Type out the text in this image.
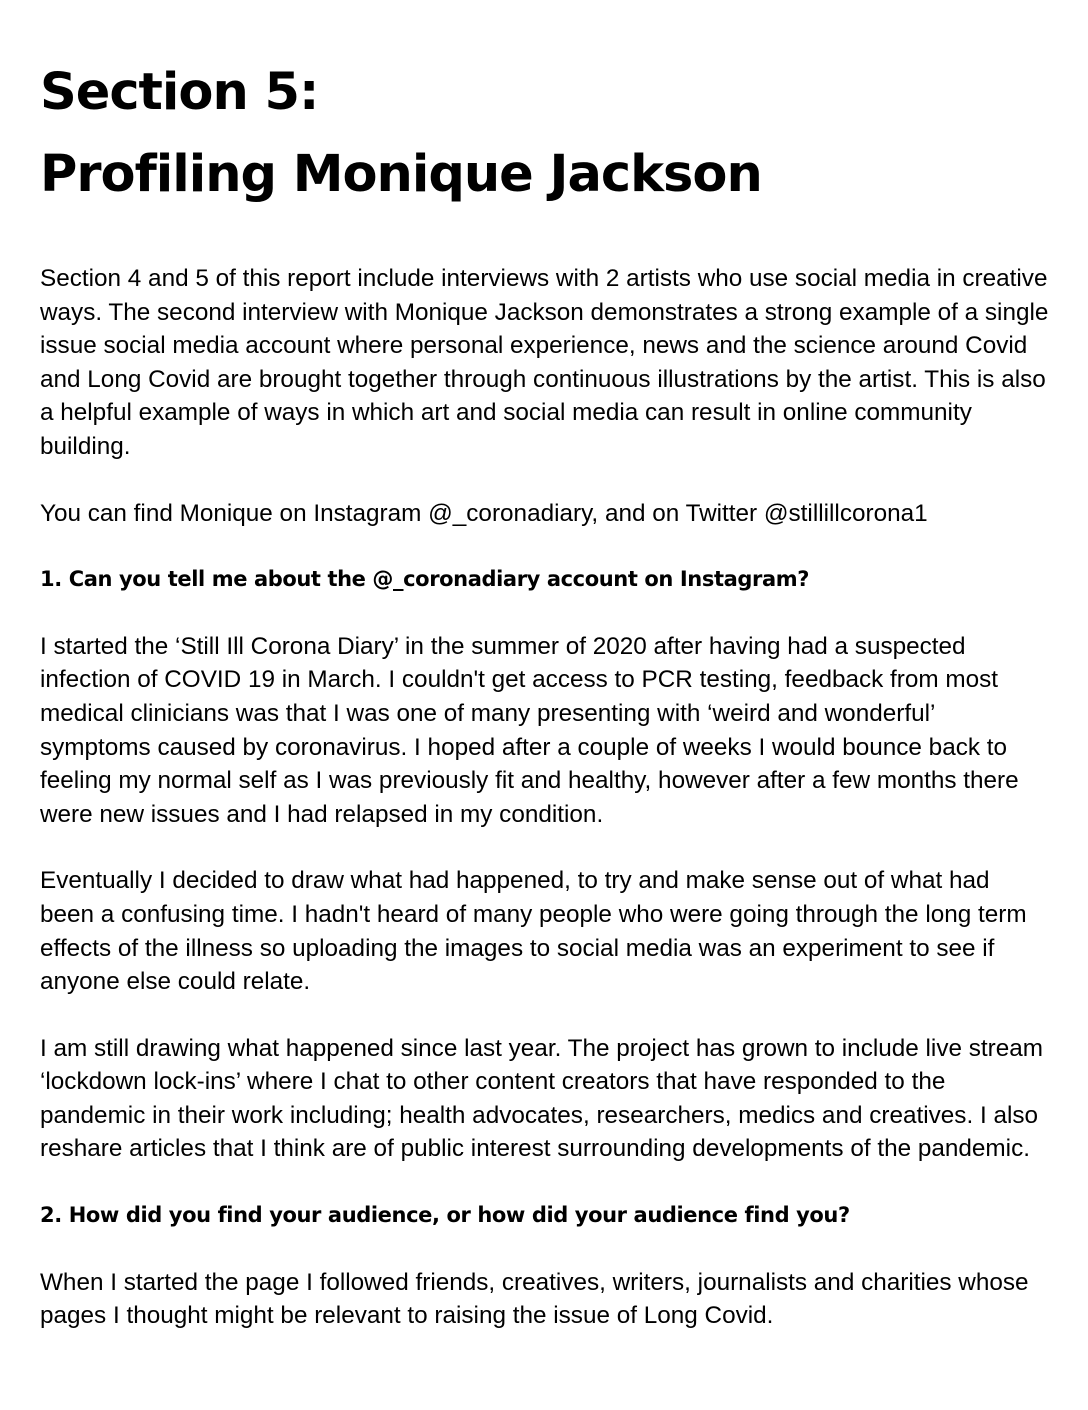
Section 5:
Profiling Monique Jackson

Section 4 and 5 of this report include interviews with 2 artists who use social media in creative ways. The second interview with Monique Jackson demonstrates a strong example of a single issue social media account where personal experience, news and the science around Covid and Long Covid are brought together through continuous illustrations by the artist. This is also a helpful example of ways in which art and social media can result in online community building.

You can find Monique on Instagram @_coronadiary, and on Twitter @stillillcorona1

1. Can you tell me about the @_coronadiary account on Instagram?

I started the ‘Still Ill Corona Diary’ in the summer of 2020 after having had a suspected infection of COVID 19 in March. I couldn't get access to PCR testing, feedback from most medical clinicians was that I was one of many presenting with ‘weird and wonderful’ symptoms caused by coronavirus. I hoped after a couple of weeks I would bounce back to feeling my normal self as I was previously fit and healthy, however after a few months there were new issues and I had relapsed in my condition.

Eventually I decided to draw what had happened, to try and make sense out of what had been a confusing time. I hadn't heard of many people who were going through the long term effects of the illness so uploading the images to social media was an experiment to see if anyone else could relate.

I am still drawing what happened since last year. The project has grown to include live stream ‘lockdown lock-ins’ where I chat to other content creators that have responded to the pandemic in their work including; health advocates, researchers, medics and creatives. I also reshare articles that I think are of public interest surrounding developments of the pandemic.

2. How did you find your audience, or how did your audience find you?

When I started the page I followed friends, creatives, writers, journalists and charities whose pages I thought might be relevant to raising the issue of Long Covid.
